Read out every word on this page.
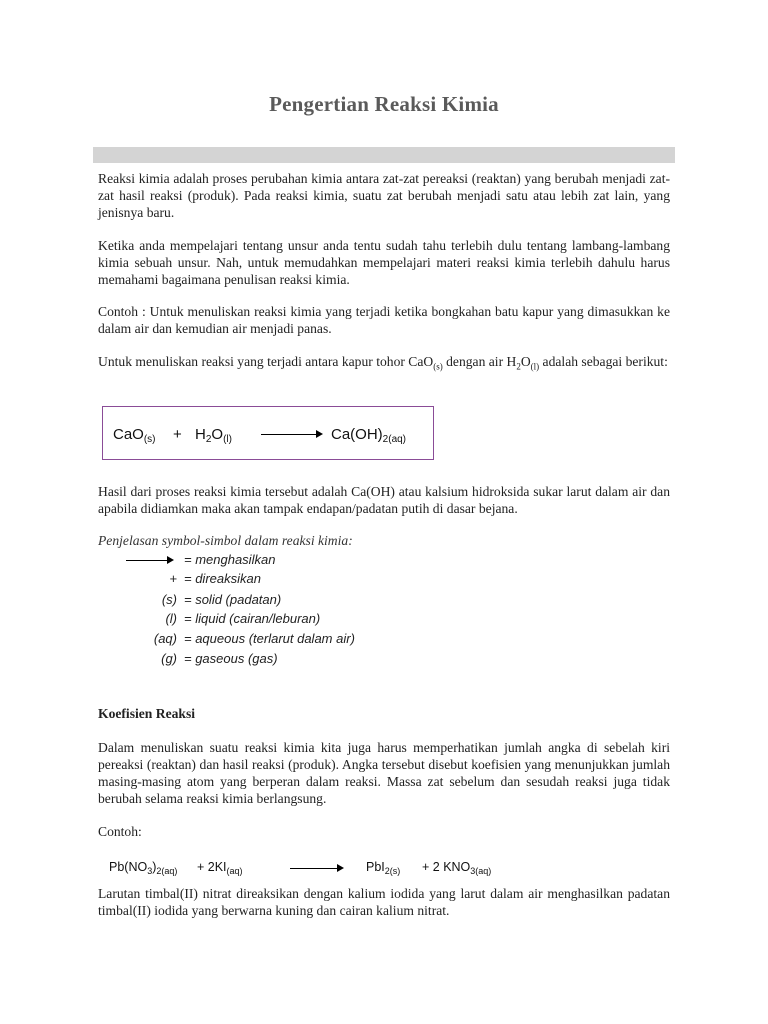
Pengertian Reaksi Kimia

Reaksi kimia adalah proses perubahan kimia antara zat-zat pereaksi (reaktan) yang berubah menjadi zat-zat hasil reaksi (produk). Pada reaksi kimia, suatu zat berubah menjadi satu atau lebih zat lain, yang jenisnya baru.

Ketika anda mempelajari tentang unsur anda tentu sudah tahu terlebih dulu tentang lambang-lambang kimia sebuah unsur. Nah, untuk memudahkan mempelajari materi reaksi kimia terlebih dahulu harus memahami bagaimana penulisan reaksi kimia.

Contoh : Untuk menuliskan reaksi kimia yang terjadi ketika bongkahan batu kapur yang dimasukkan ke dalam air dan kemudian air menjadi panas.

Untuk menuliskan reaksi yang terjadi antara kapur tohor CaO$_{(s)}$ dengan air $H_2O_{(l)}$ adalah sebagai berikut:

$CaO_{(s)} + H_2O_{(l)} \to Ca(OH)_{2(aq)}$

Hasil dari proses reaksi kimia tersebut adalah Ca(OH) atau kalsium hidroksida sukar larut dalam air dan apabila didiamkan maka akan tampak endapan/padatan putih di dasar bejana.

Penjelasan symbol-simbol dalam reaksi kimia:
= menghasilkan
+ = direaksikan
(s) = solid (padatan)
(l) = liquid (cairan/leburan)
(aq) = aqueous (terlarut dalam air)
(g) = gaseous (gas)
Koefisien Reaksi

Dalam menuliskan suatu reaksi kimia kita juga harus memperhatikan jumlah angka di sebelah kiri pereaksi (reaktan) dan hasil reaksi (produk). Angka tersebut disebut koefisien yang menunjukkan jumlah masing-masing atom yang berperan dalam reaksi. Massa zat sebelum dan sesudah reaksi juga tidak berubah selama reaksi kimia berlangsung.

Contoh:

$Pb(NO_3)_{2(aq)} + 2KI_{(aq)}$	→ PbI$_{2(s)}$ + 2 $KNO_{3(aq)}$

Larutan timbal(II) nitrat direaksikan dengan kalium iodida yang larut dalam air menghasilkan padatan timbal(II) iodida yang berwarna kuning dan cairan kalium nitrat.
